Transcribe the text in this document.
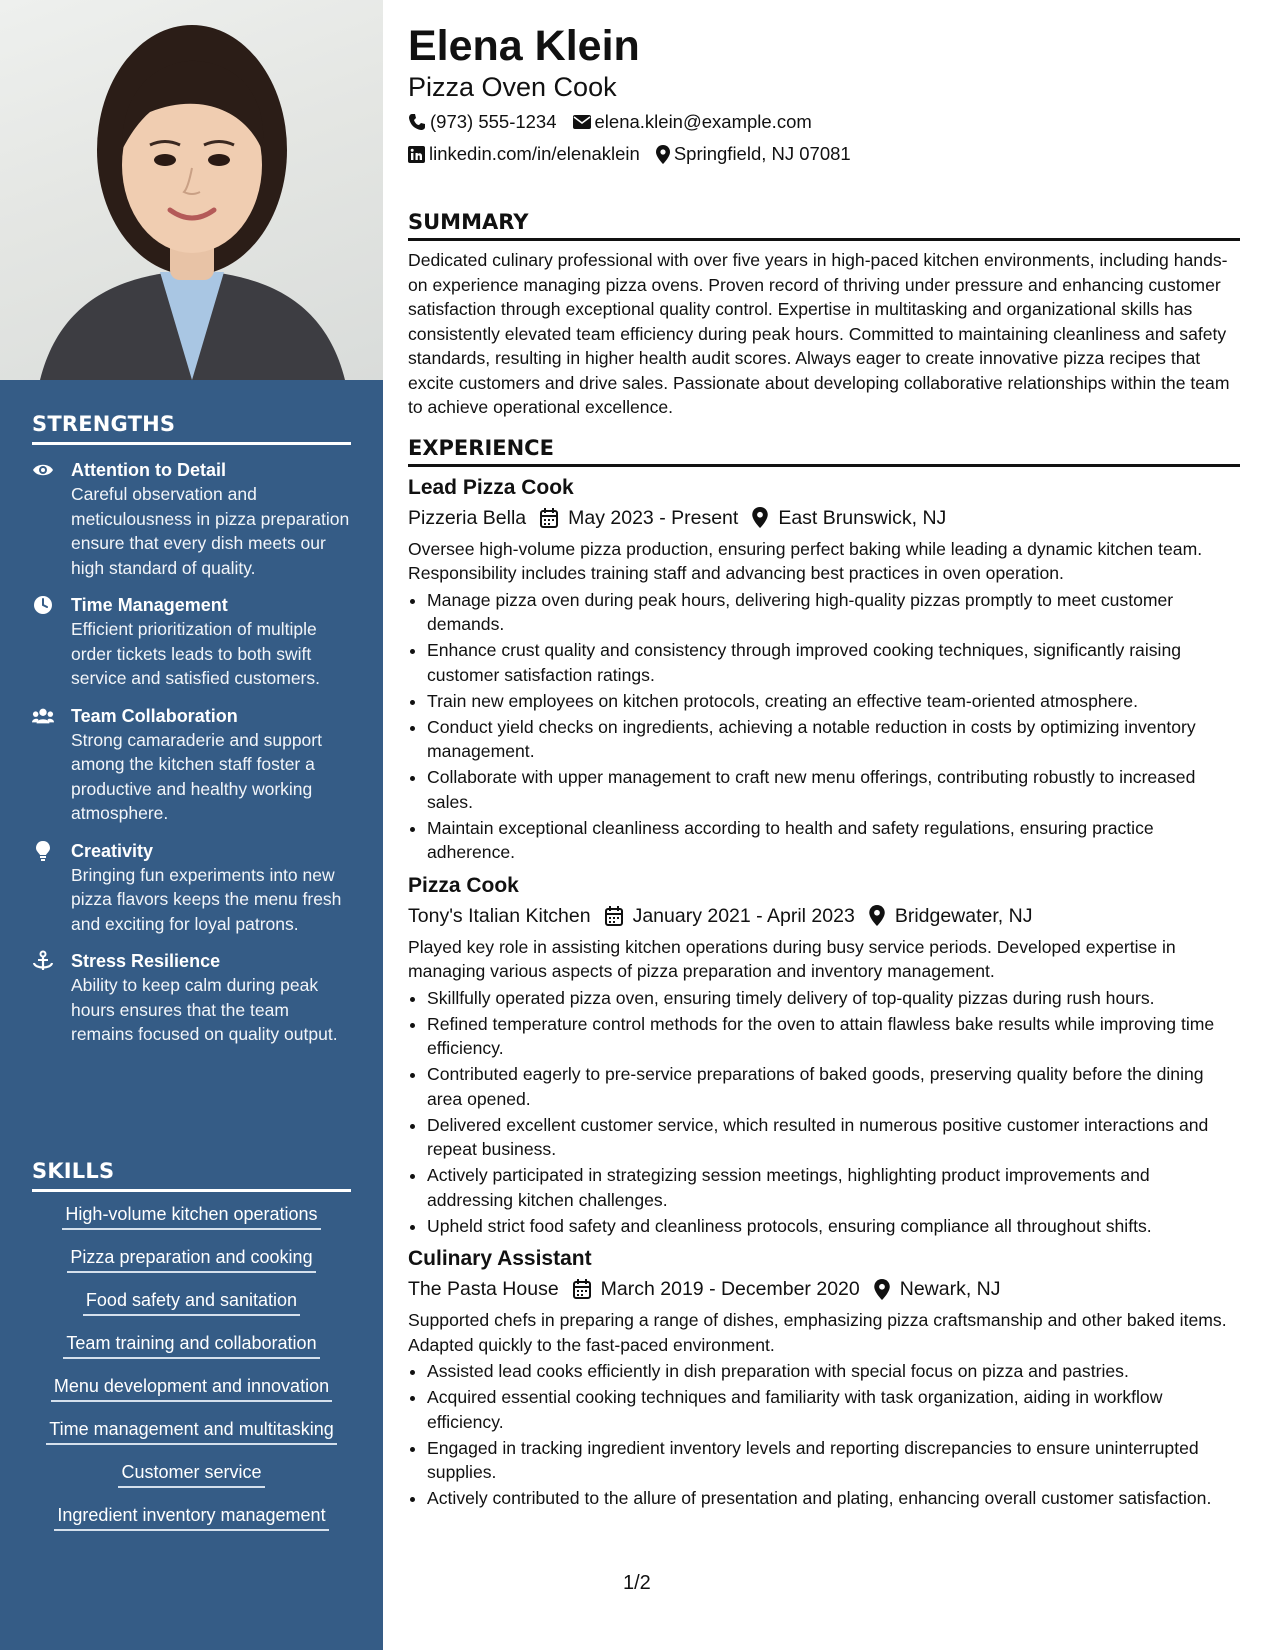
STRENGTHS
Attention to Detail
Careful observation and meticulousness in pizza preparation ensure that every dish meets our high standard of quality.
Time Management
Efficient prioritization of multiple order tickets leads to both swift service and satisfied customers.
Team Collaboration
Strong camaraderie and support among the kitchen staff foster a productive and healthy working atmosphere.
Creativity
Bringing fun experiments into new pizza flavors keeps the menu fresh and exciting for loyal patrons.
Stress Resilience
Ability to keep calm during peak hours ensures that the team remains focused on quality output.
SKILLS
High-volume kitchen operations
Pizza preparation and cooking
Food safety and sanitation
Team training and collaboration
Menu development and innovation
Time management and multitasking
Customer service
Ingredient inventory management
Elena Klein
Pizza Oven Cook
(973) 555-1234 elena.klein@example.com
linkedin.com/in/elenaklein Springfield, NJ 07081
SUMMARY
Dedicated culinary professional with over five years in high-paced kitchen environments, including hands-on experience managing pizza ovens. Proven record of thriving under pressure and enhancing customer satisfaction through exceptional quality control. Expertise in multitasking and organizational skills has consistently elevated team efficiency during peak hours. Committed to maintaining cleanliness and safety standards, resulting in higher health audit scores. Always eager to create innovative pizza recipes that excite customers and drive sales. Passionate about developing collaborative relationships within the team to achieve operational excellence.
EXPERIENCE
Lead Pizza Cook
Pizzeria Bella May 2023 - Present East Brunswick, NJ
Oversee high-volume pizza production, ensuring perfect baking while leading a dynamic kitchen team. Responsibility includes training staff and advancing best practices in oven operation.
• Manage pizza oven during peak hours, delivering high-quality pizzas promptly to meet customer demands.
• Enhance crust quality and consistency through improved cooking techniques, significantly raising customer satisfaction ratings.
• Train new employees on kitchen protocols, creating an effective team-oriented atmosphere.
• Conduct yield checks on ingredients, achieving a notable reduction in costs by optimizing inventory management.
• Collaborate with upper management to craft new menu offerings, contributing robustly to increased sales.
• Maintain exceptional cleanliness according to health and safety regulations, ensuring practice adherence.
Pizza Cook
Tony's Italian Kitchen January 2021 - April 2023 Bridgewater, NJ
Played key role in assisting kitchen operations during busy service periods. Developed expertise in managing various aspects of pizza preparation and inventory management.
• Skillfully operated pizza oven, ensuring timely delivery of top-quality pizzas during rush hours.
• Refined temperature control methods for the oven to attain flawless bake results while improving time efficiency.
• Contributed eagerly to pre-service preparations of baked goods, preserving quality before the dining area opened.
• Delivered excellent customer service, which resulted in numerous positive customer interactions and repeat business.
• Actively participated in strategizing session meetings, highlighting product improvements and addressing kitchen challenges.
• Upheld strict food safety and cleanliness protocols, ensuring compliance all throughout shifts.
Culinary Assistant
The Pasta House March 2019 - December 2020 Newark, NJ
Supported chefs in preparing a range of dishes, emphasizing pizza craftsmanship and other baked items. Adapted quickly to the fast-paced environment.
• Assisted lead cooks efficiently in dish preparation with special focus on pizza and pastries.
• Acquired essential cooking techniques and familiarity with task organization, aiding in workflow efficiency.
• Engaged in tracking ingredient inventory levels and reporting discrepancies to ensure uninterrupted supplies.
• Actively contributed to the allure of presentation and plating, enhancing overall customer satisfaction.
1/2
